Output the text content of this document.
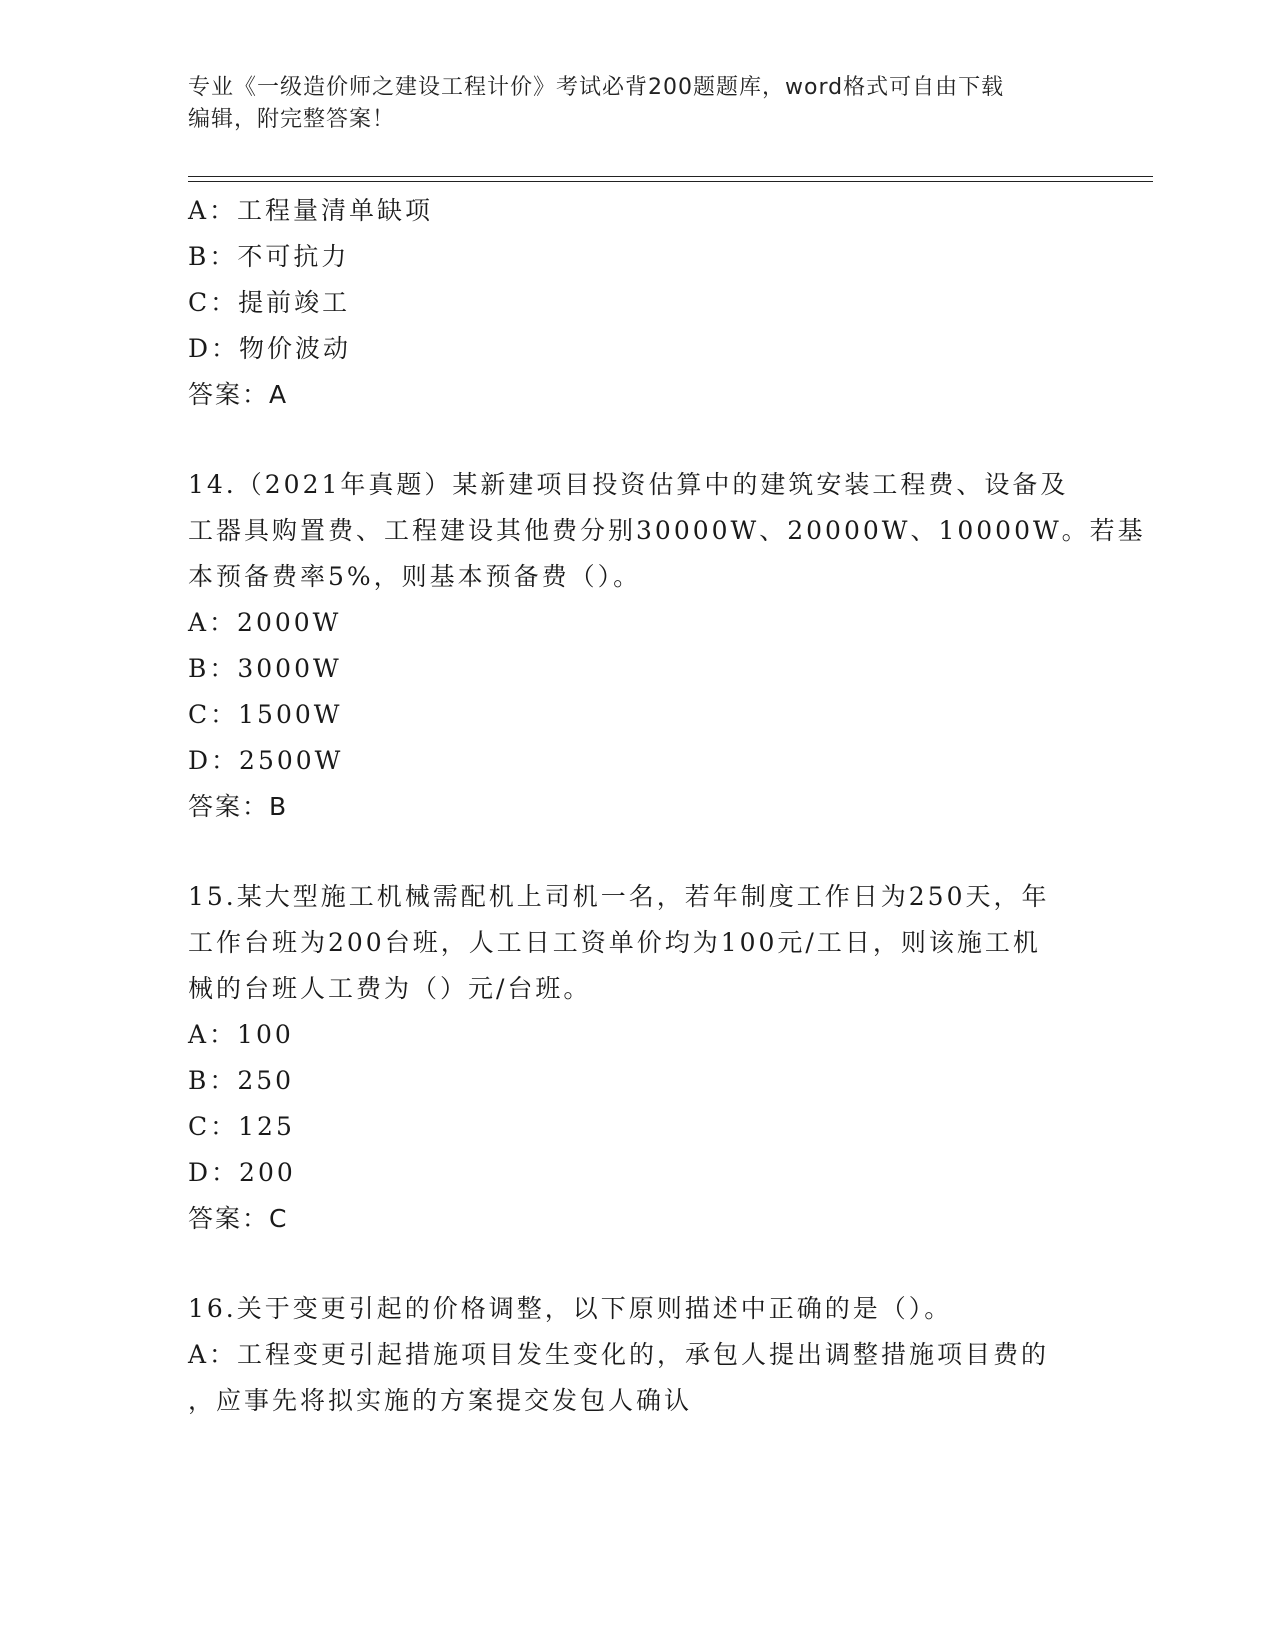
专业《一级造价师之建设工程计价》考试必背200题题库，word格式可自由下载
编辑，附完整答案！
A：工程量清单缺项
B：不可抗力
C：提前竣工
D：物价波动
答案：A
14.（2021年真题）某新建项目投资估算中的建筑安装工程费、设备及
工器具购置费、工程建设其他费分别30000W、20000W、10000W。若基
本预备费率5%，则基本预备费（）。
A：2000W
B：3000W
C：1500W
D：2500W
答案：B
15.某大型施工机械需配机上司机一名，若年制度工作日为250天，年
工作台班为200台班，人工日工资单价均为100元/工日，则该施工机
械的台班人工费为（）元/台班。
A：100
B：250
C：125
D：200
答案：C
16.关于变更引起的价格调整，以下原则描述中正确的是（）。
A：工程变更引起措施项目发生变化的，承包人提出调整措施项目费的
，应事先将拟实施的方案提交发包人确认
